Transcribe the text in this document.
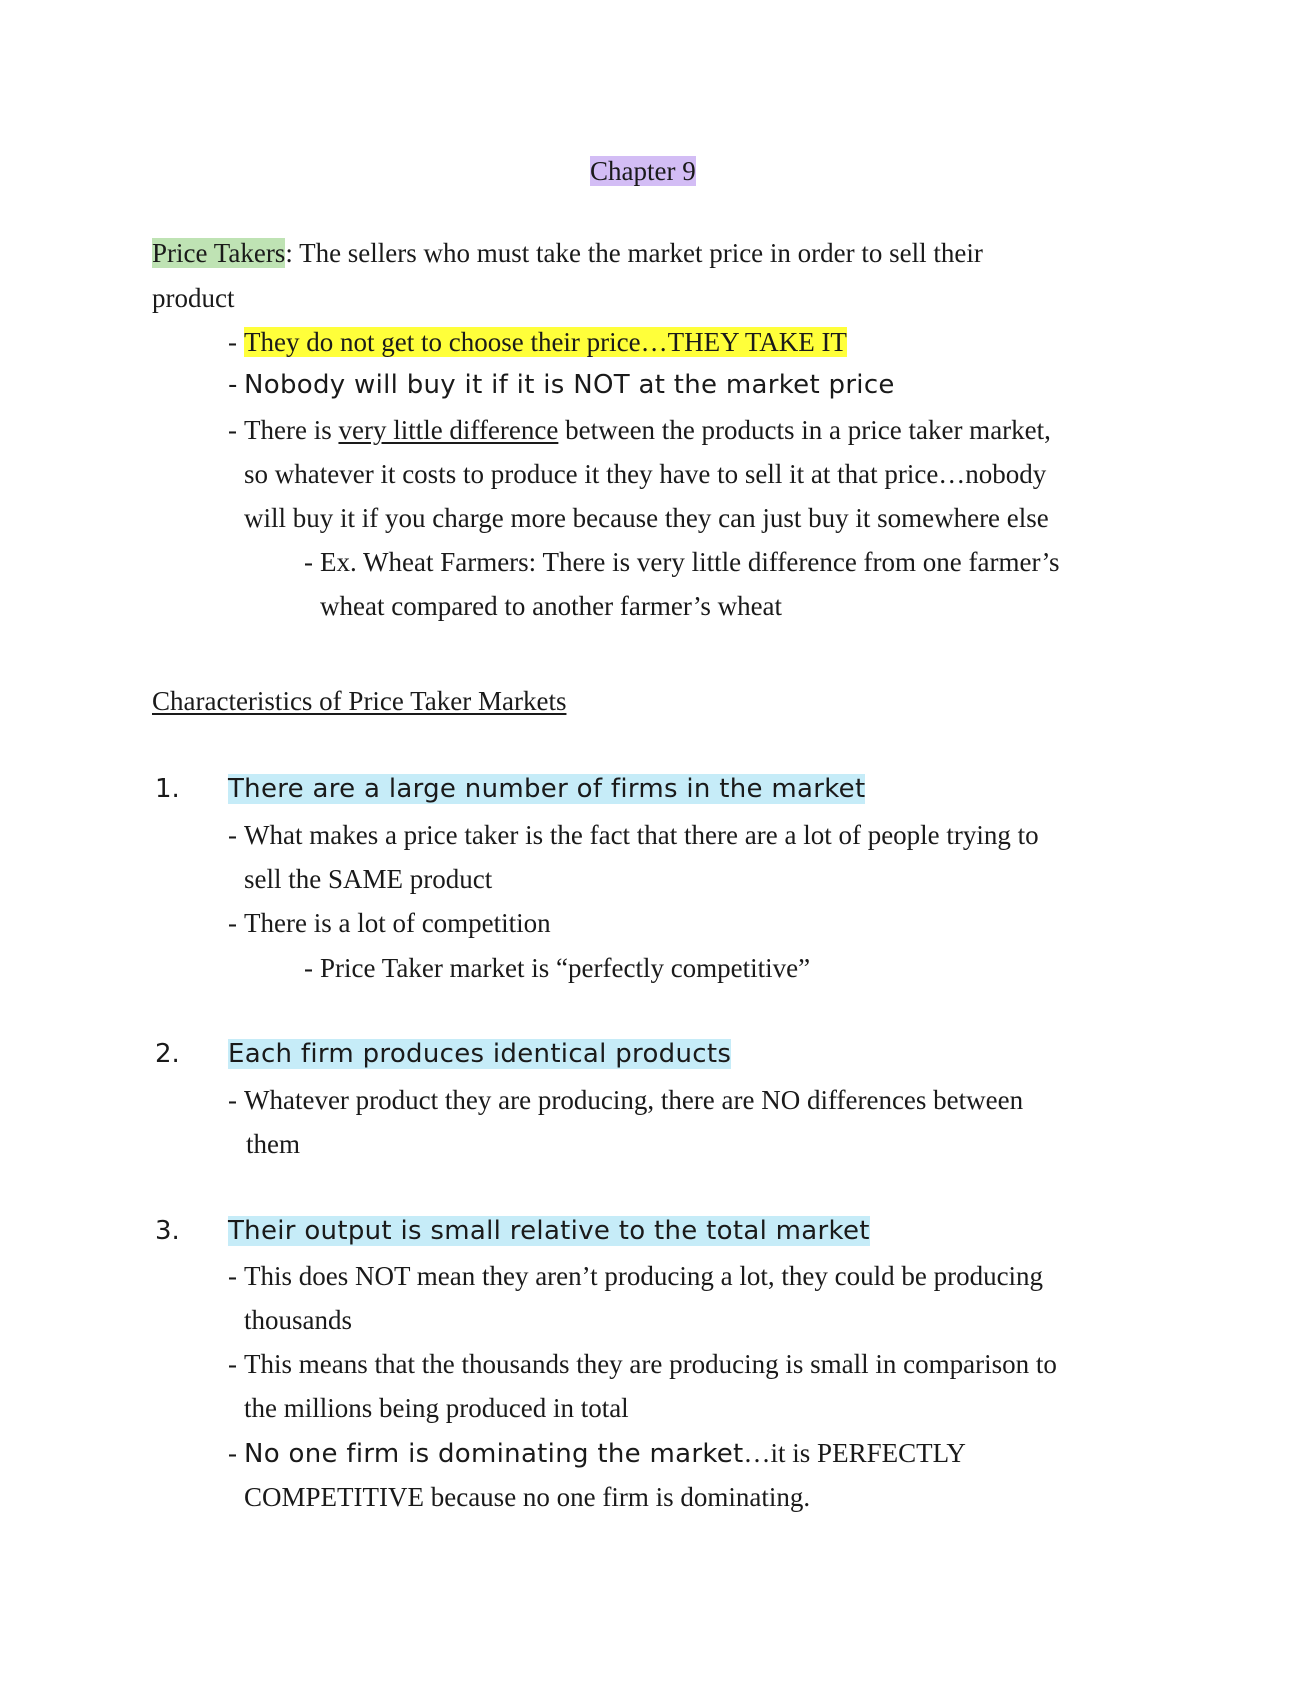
Chapter 9
Price Takers: The sellers who must take the market price in order to sell their
product
- They do not get to choose their price…THEY TAKE IT
- Nobody will buy it if it is NOT at the market price
- There is very little difference between the products in a price taker market,
so whatever it costs to produce it they have to sell it at that price…nobody
will buy it if you charge more because they can just buy it somewhere else
- Ex. Wheat Farmers: There is very little difference from one farmer’s
wheat compared to another farmer’s wheat
Characteristics of Price Taker Markets
1. There are a large number of firms in the market
- What makes a price taker is the fact that there are a lot of people trying to
sell the SAME product
- There is a lot of competition
- Price Taker market is “perfectly competitive”
2. Each firm produces identical products
- Whatever product they are producing, there are NO differences between
them
3. Their output is small relative to the total market
- This does NOT mean they aren’t producing a lot, they could be producing
thousands
- This means that the thousands they are producing is small in comparison to
the millions being produced in total
- No one firm is dominating the market…it is PERFECTLY
COMPETITIVE because no one firm is dominating.
